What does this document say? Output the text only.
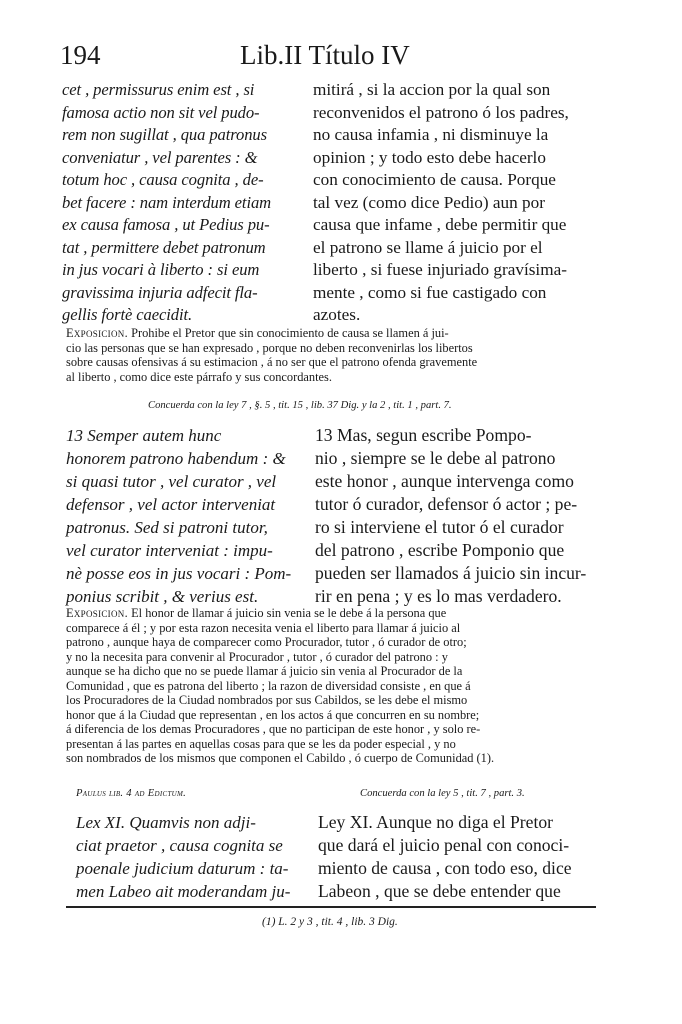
194	Lib.II Título IV
cet , permissurus enim est , si
famosa actio non sit vel pudo-
rem non sugillat , qua patronus
conveniatur , vel parentes : &
totum hoc , causa cognita , de-
bet facere : nam interdum etiam
ex causa famosa , ut Pedius pu-
tat , permittere debet patronum
in jus vocari à liberto : si eum
gravissima injuria adfecit fla-
gellis fortè caecidit.
mitirá , si la accion por la qual son
reconvenidos el patrono ó los padres,
no causa infamia , ni disminuye la
opinion ; y todo esto debe hacerlo
con conocimiento de causa. Porque
tal vez (como dice Pedio) aun por
causa que infame , debe permitir que
el patrono se llame á juicio por el
liberto , si fuese injuriado gravísima-
mente , como si fue castigado con
azotes.
Exposicion. Prohibe el Pretor que sin conocimiento de causa se llamen á jui-
cio las personas que se han expresado , porque no deben reconvenirlas los libertos
sobre causas ofensivas á su estimacion , á no ser que el patrono ofenda gravemente
al liberto , como dice este párrafo y sus concordantes.
Concuerda con la ley 7 , §. 5 , tit. 15 , lib. 37 Dig. y la 2 , tit. 1 , part. 7.
13 Semper autem hunc
honorem patrono habendum : &
si quasi tutor , vel curator , vel
defensor , vel actor interveniat
patronus. Sed si patroni tutor,
vel curator interveniat : impu-
nè posse eos in jus vocari : Pom-
ponius scribit , & verius est.
13 Mas, segun escribe Pompo-
nio , siempre se le debe al patrono
este honor , aunque intervenga como
tutor ó curador, defensor ó actor ; pe-
ro si interviene el tutor ó el curador
del patrono , escribe Pomponio que
pueden ser llamados á juicio sin incur-
rir en pena ; y es lo mas verdadero.
Exposicion. El honor de llamar á juicio sin venia se le debe á la persona que
comparece á él ; y por esta razon necesita venia el liberto para llamar á juicio al
patrono , aunque haya de comparecer como Procurador, tutor , ó curador de otro;
y no la necesita para convenir al Procurador , tutor , ó curador del patrono : y
aunque se ha dicho que no se puede llamar á juicio sin venia al Procurador de la
Comunidad , que es patrona del liberto ; la razon de diversidad consiste , en que á
los Procuradores de la Ciudad nombrados por sus Cabildos, se les debe el mismo
honor que á la Ciudad que representan , en los actos á que concurren en su nombre;
á diferencia de los demas Procuradores , que no participan de este honor , y solo re-
presentan á las partes en aquellas cosas para que se les da poder especial , y no
son nombrados de los mismos que componen el Cabildo , ó cuerpo de Comunidad (1).
Paulus lib. 4 ad Edictum.	Concuerda con la ley 5 , tit. 7 , part. 3.
Lex XI. Quamvis non adji-
ciat praetor , causa cognita se
poenale judicium daturum : ta-
men Labeo ait moderandam ju-
Ley XI. Aunque no diga el Pretor
que dará el juicio penal con conoci-
miento de causa , con todo eso, dice
Labeon , que se debe entender que
(1) L. 2 y 3 , tit. 4 , lib. 3 Dig.
